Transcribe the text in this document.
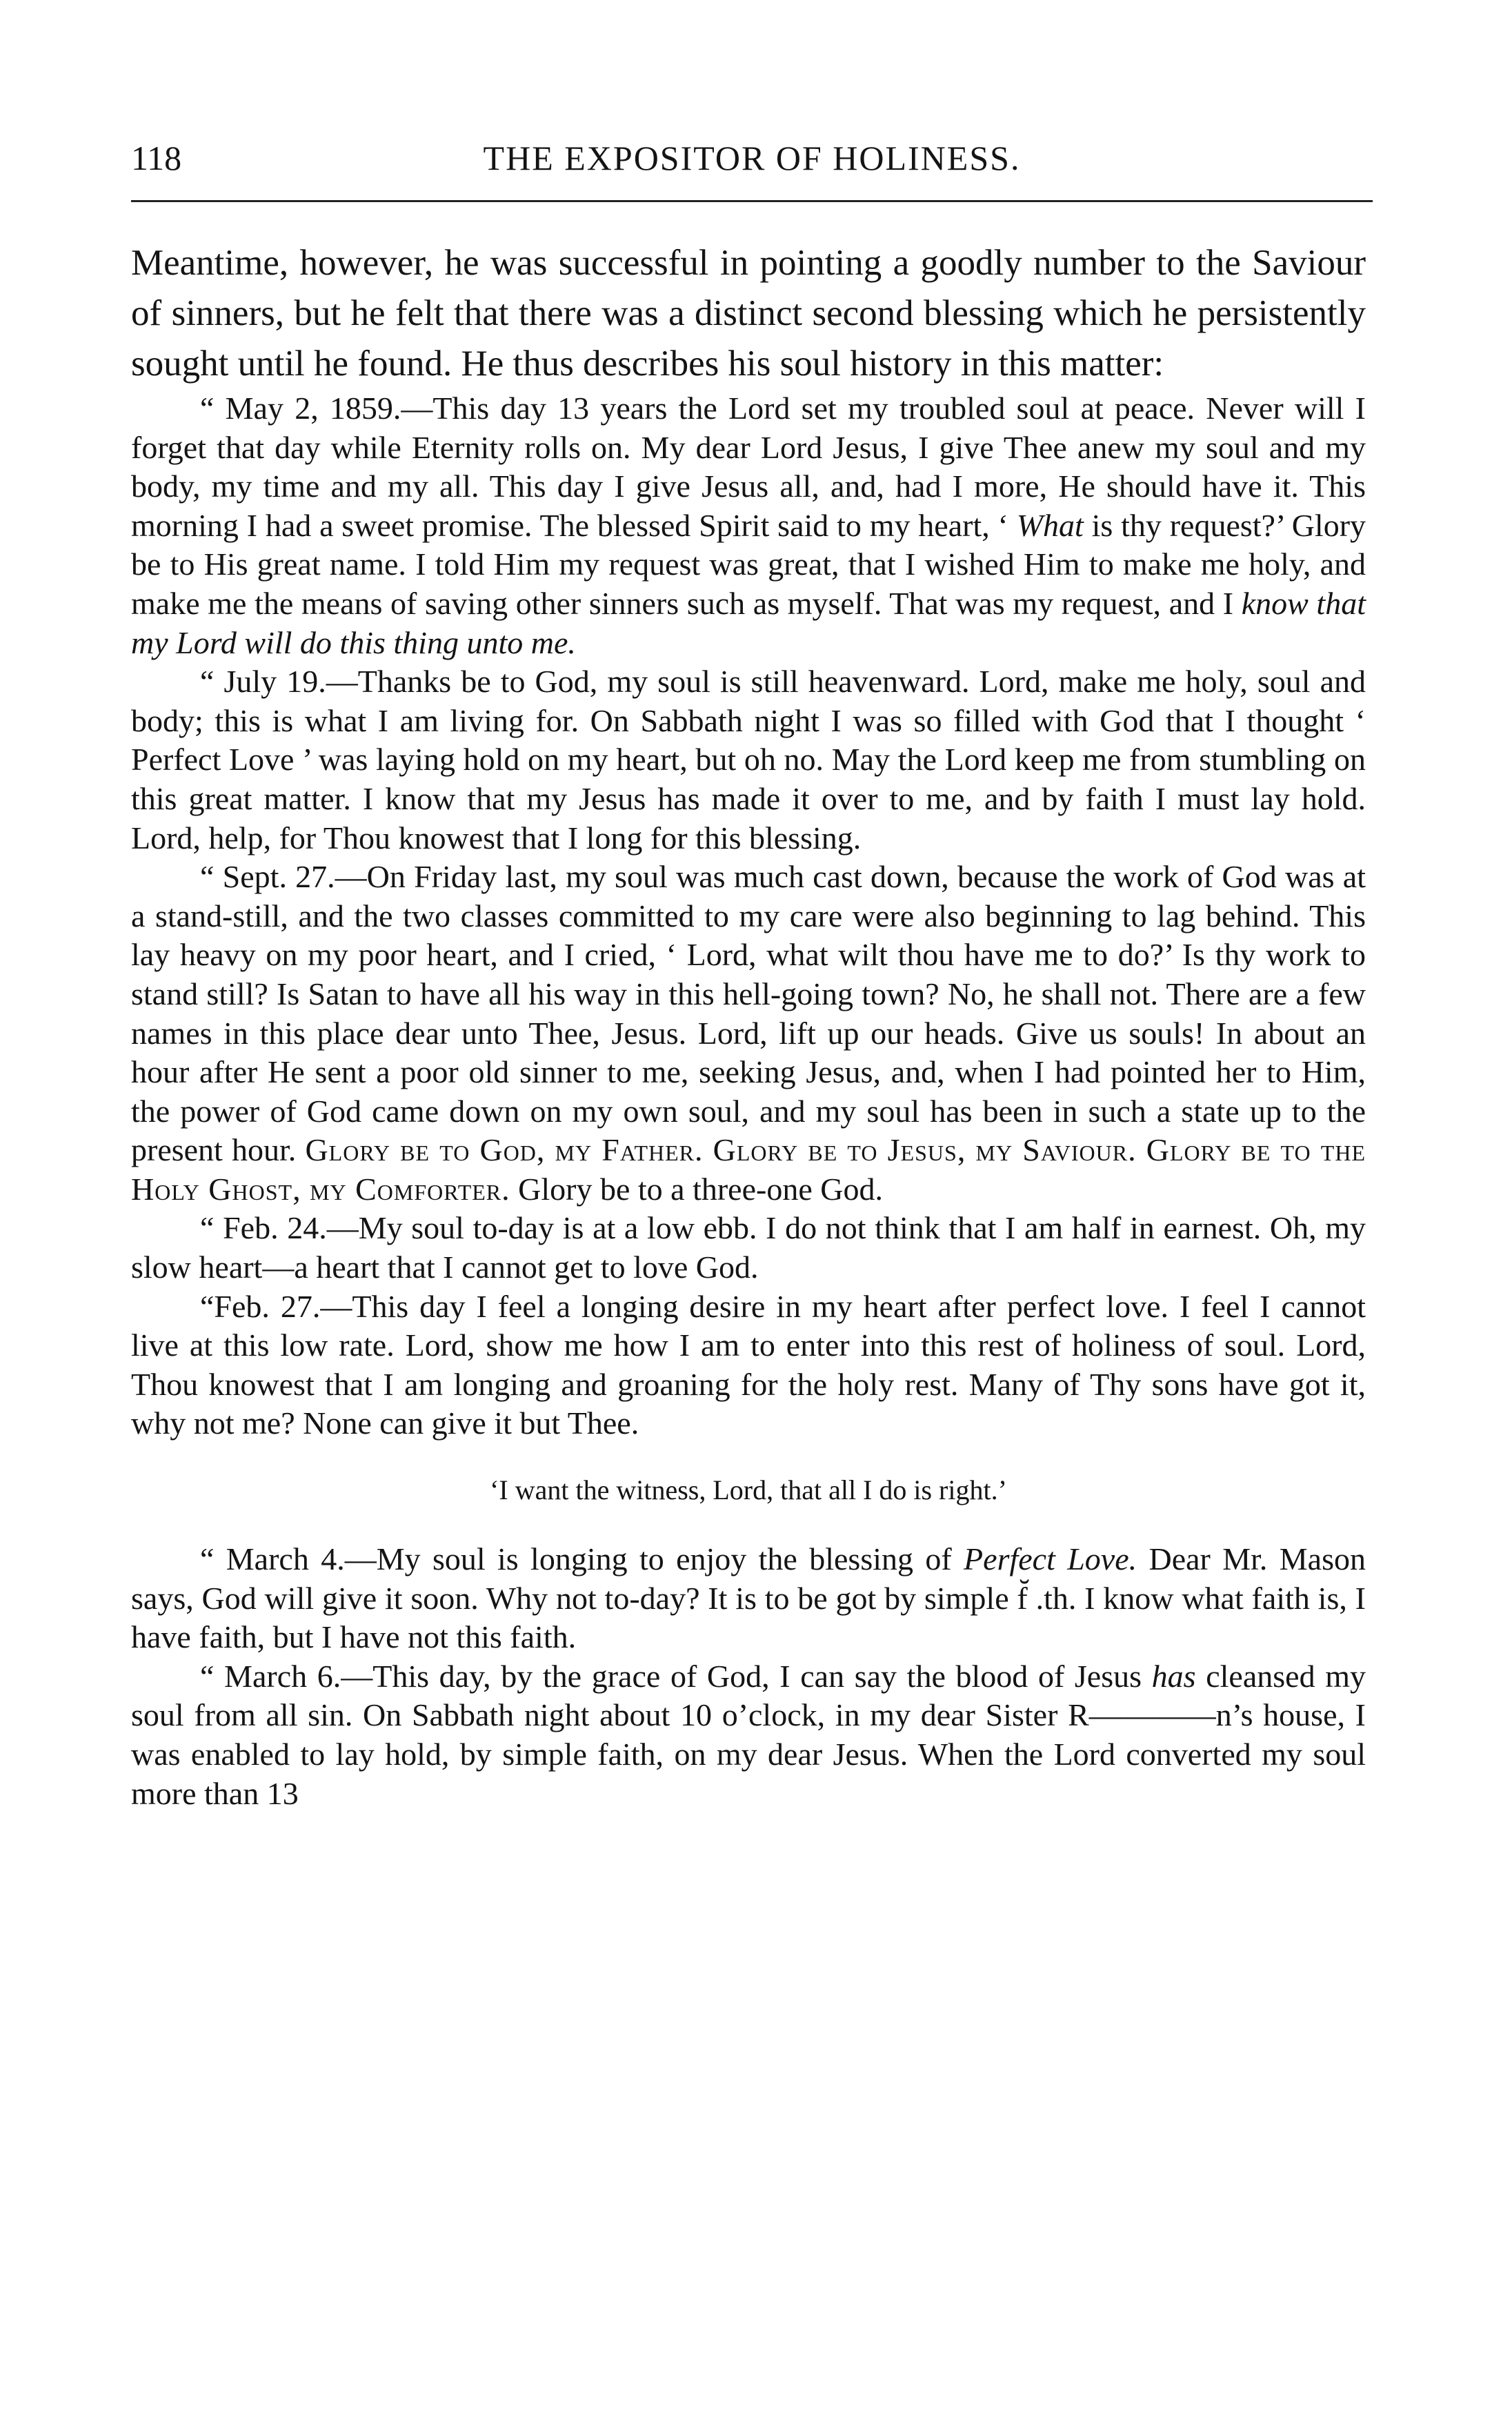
118	THE EXPOSITOR OF HOLINESS.

Meantime, however, he was successful in pointing a goodly number to the Saviour of sinners, but he felt that there was a distinct second blessing which he persistently sought until he found. He thus describes his soul history in this matter:

“ May 2, 1859.—This day 13 years the Lord set my troubled soul at peace. Never will I forget that day while Eternity rolls on. My dear Lord Jesus, I give Thee anew my soul and my body, my time and my all. This day I give Jesus all, and, had I more, He should have it. This morning I had a sweet promise. The blessed Spirit said to my heart, ‘ What is thy request?’ Glory be to His great name. I told Him my request was great, that I wished Him to make me holy, and make me the means of saving other sinners such as myself. That was my request, and I know that my Lord will do this thing unto me.

“ July 19.—Thanks be to God, my soul is still heavenward. Lord, make me holy, soul and body; this is what I am living for. On Sabbath night I was so filled with God that I thought ‘ Perfect Love ’ was laying hold on my heart, but oh no. May the Lord keep me from stumbling on this great matter. I know that my Jesus has made it over to me, and by faith I must lay hold. Lord, help, for Thou knowest that I long for this blessing.

“ Sept. 27.—On Friday last, my soul was much cast down, because the work of God was at a stand-still, and the two classes committed to my care were also beginning to lag behind. This lay heavy on my poor heart, and I cried, ‘ Lord, what wilt thou have me to do?’ Is thy work to stand still? Is Satan to have all his way in this hell-going town? No, he shall not. There are a few names in this place dear unto Thee, Jesus. Lord, lift up our heads. Give us souls! In about an hour after He sent a poor old sinner to me, seeking Jesus, and, when I had pointed her to Him, the power of God came down on my own soul, and my soul has been in such a state up to the present hour. Glory be to God, my Father. Glory be to Jesus, my Saviour. Glory be to the Holy Ghost, my Comforter. Glory be to a three-one God.

“ Feb. 24.—My soul to-day is at a low ebb. I do not think that I am half in earnest. Oh, my slow heart—a heart that I cannot get to love God.

“Feb. 27.—This day I feel a longing desire in my heart after perfect love. I feel I cannot live at this low rate. Lord, show me how I am to enter into this rest of holiness of soul. Lord, Thou knowest that I am longing and groaning for the holy rest. Many of Thy sons have got it, why not me? None can give it but Thee.

‘I want the witness, Lord, that all I do is right.’

“ March 4.—My soul is longing to enjoy the blessing of Perfect Love. Dear Mr. Mason says, God will give it soon. Why not to-day? It is to be got by simple f̆ .th. I know what faith is, I have faith, but I have not this faith.

“ March 6.—This day, by the grace of God, I can say the blood of Jesus has cleansed my soul from all sin. On Sabbath night about 10 o’clock, in my dear Sister R————n’s house, I was enabled to lay hold, by simple faith, on my dear Jesus. When the Lord converted my soul more than 13
